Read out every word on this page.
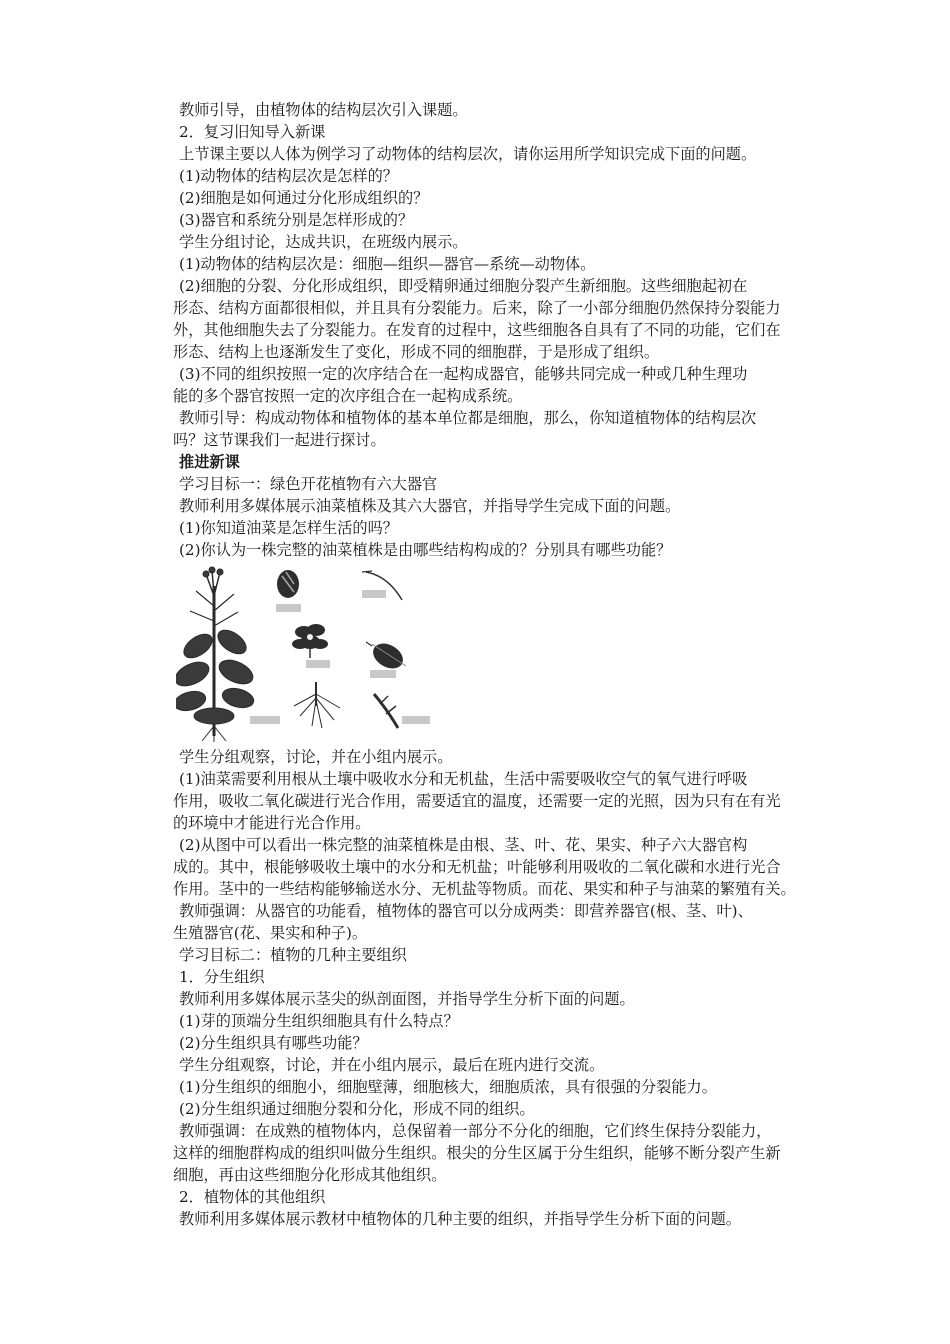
教师引导，由植物体的结构层次引入课题。
2．复习旧知导入新课
上节课主要以人体为例学习了动物体的结构层次，请你运用所学知识完成下面的问题。
(1)动物体的结构层次是怎样的？
(2)细胞是如何通过分化形成组织的？
(3)器官和系统分别是怎样形成的？
学生分组讨论，达成共识，在班级内展示。
(1)动物体的结构层次是：细胞—组织—器官—系统—动物体。
(2)细胞的分裂、分化形成组织，即受精卵通过细胞分裂产生新细胞。这些细胞起初在
形态、结构方面都很相似，并且具有分裂能力。后来，除了一小部分细胞仍然保持分裂能力
外，其他细胞失去了分裂能力。在发育的过程中，这些细胞各自具有了不同的功能，它们在
形态、结构上也逐渐发生了变化，形成不同的细胞群，于是形成了组织。
(3)不同的组织按照一定的次序结合在一起构成器官，能够共同完成一种或几种生理功
能的多个器官按照一定的次序组合在一起构成系统。
教师引导：构成动物体和植物体的基本单位都是细胞，那么，你知道植物体的结构层次
吗？这节课我们一起进行探讨。
推进新课
学习目标一：绿色开花植物有六大器官
教师利用多媒体展示油菜植株及其六大器官，并指导学生完成下面的问题。
(1)你知道油菜是怎样生活的吗？
(2)你认为一株完整的油菜植株是由哪些结构构成的？分别具有哪些功能？
学生分组观察，讨论，并在小组内展示。
(1)油菜需要利用根从土壤中吸收水分和无机盐，生活中需要吸收空气的氧气进行呼吸
作用，吸收二氧化碳进行光合作用，需要适宜的温度，还需要一定的光照，因为只有在有光
的环境中才能进行光合作用。
(2)从图中可以看出一株完整的油菜植株是由根、茎、叶、花、果实、种子六大器官构
成的。其中，根能够吸收土壤中的水分和无机盐；叶能够利用吸收的二氧化碳和水进行光合
作用。茎中的一些结构能够输送水分、无机盐等物质。而花、果实和种子与油菜的繁殖有关。
教师强调：从器官的功能看，植物体的器官可以分成两类：即营养器官(根、茎、叶)、
生殖器官(花、果实和种子)。
学习目标二：植物的几种主要组织
1．分生组织
教师利用多媒体展示茎尖的纵剖面图，并指导学生分析下面的问题。
(1)芽的顶端分生组织细胞具有什么特点？
(2)分生组织具有哪些功能？
学生分组观察，讨论，并在小组内展示，最后在班内进行交流。
(1)分生组织的细胞小，细胞壁薄，细胞核大，细胞质浓，具有很强的分裂能力。
(2)分生组织通过细胞分裂和分化，形成不同的组织。
教师强调：在成熟的植物体内，总保留着一部分不分化的细胞，它们终生保持分裂能力，
这样的细胞群构成的组织叫做分生组织。根尖的分生区属于分生组织，能够不断分裂产生新
细胞，再由这些细胞分化形成其他组织。
2．植物体的其他组织
教师利用多媒体展示教材中植物体的几种主要的组织，并指导学生分析下面的问题。
